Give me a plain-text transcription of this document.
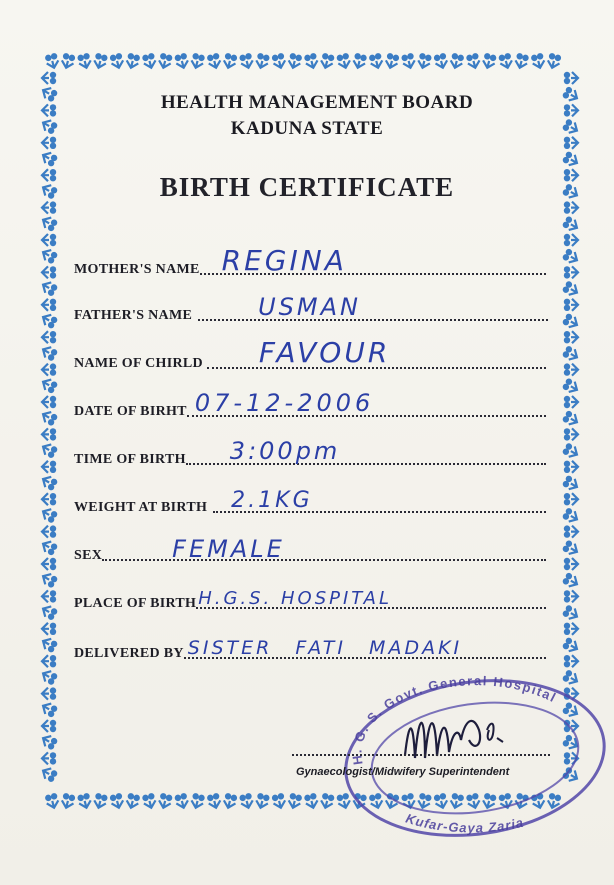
HEALTH MANAGEMENT BOARD
KADUNA STATE
BIRTH CERTIFICATE
MOTHER'S NAME REGINA
FATHER'S NAME	USMAN
NAME OF CHIRLD FAVOUR
DATE OF BIRHT 07-12-2006
TIME OF BIRTH 3:00pm
WEIGHT AT BIRTH 2.1KG
SEX	FEMALE
PLACE OF BIRTH H.G.S. HOSPITAL
DELIVERED BY SISTER FATI MADAKI
H. G. S. Govt. General Hospital
Kufar-Gaya Zaria
Gynaecologist/Midwifery Superintendent
